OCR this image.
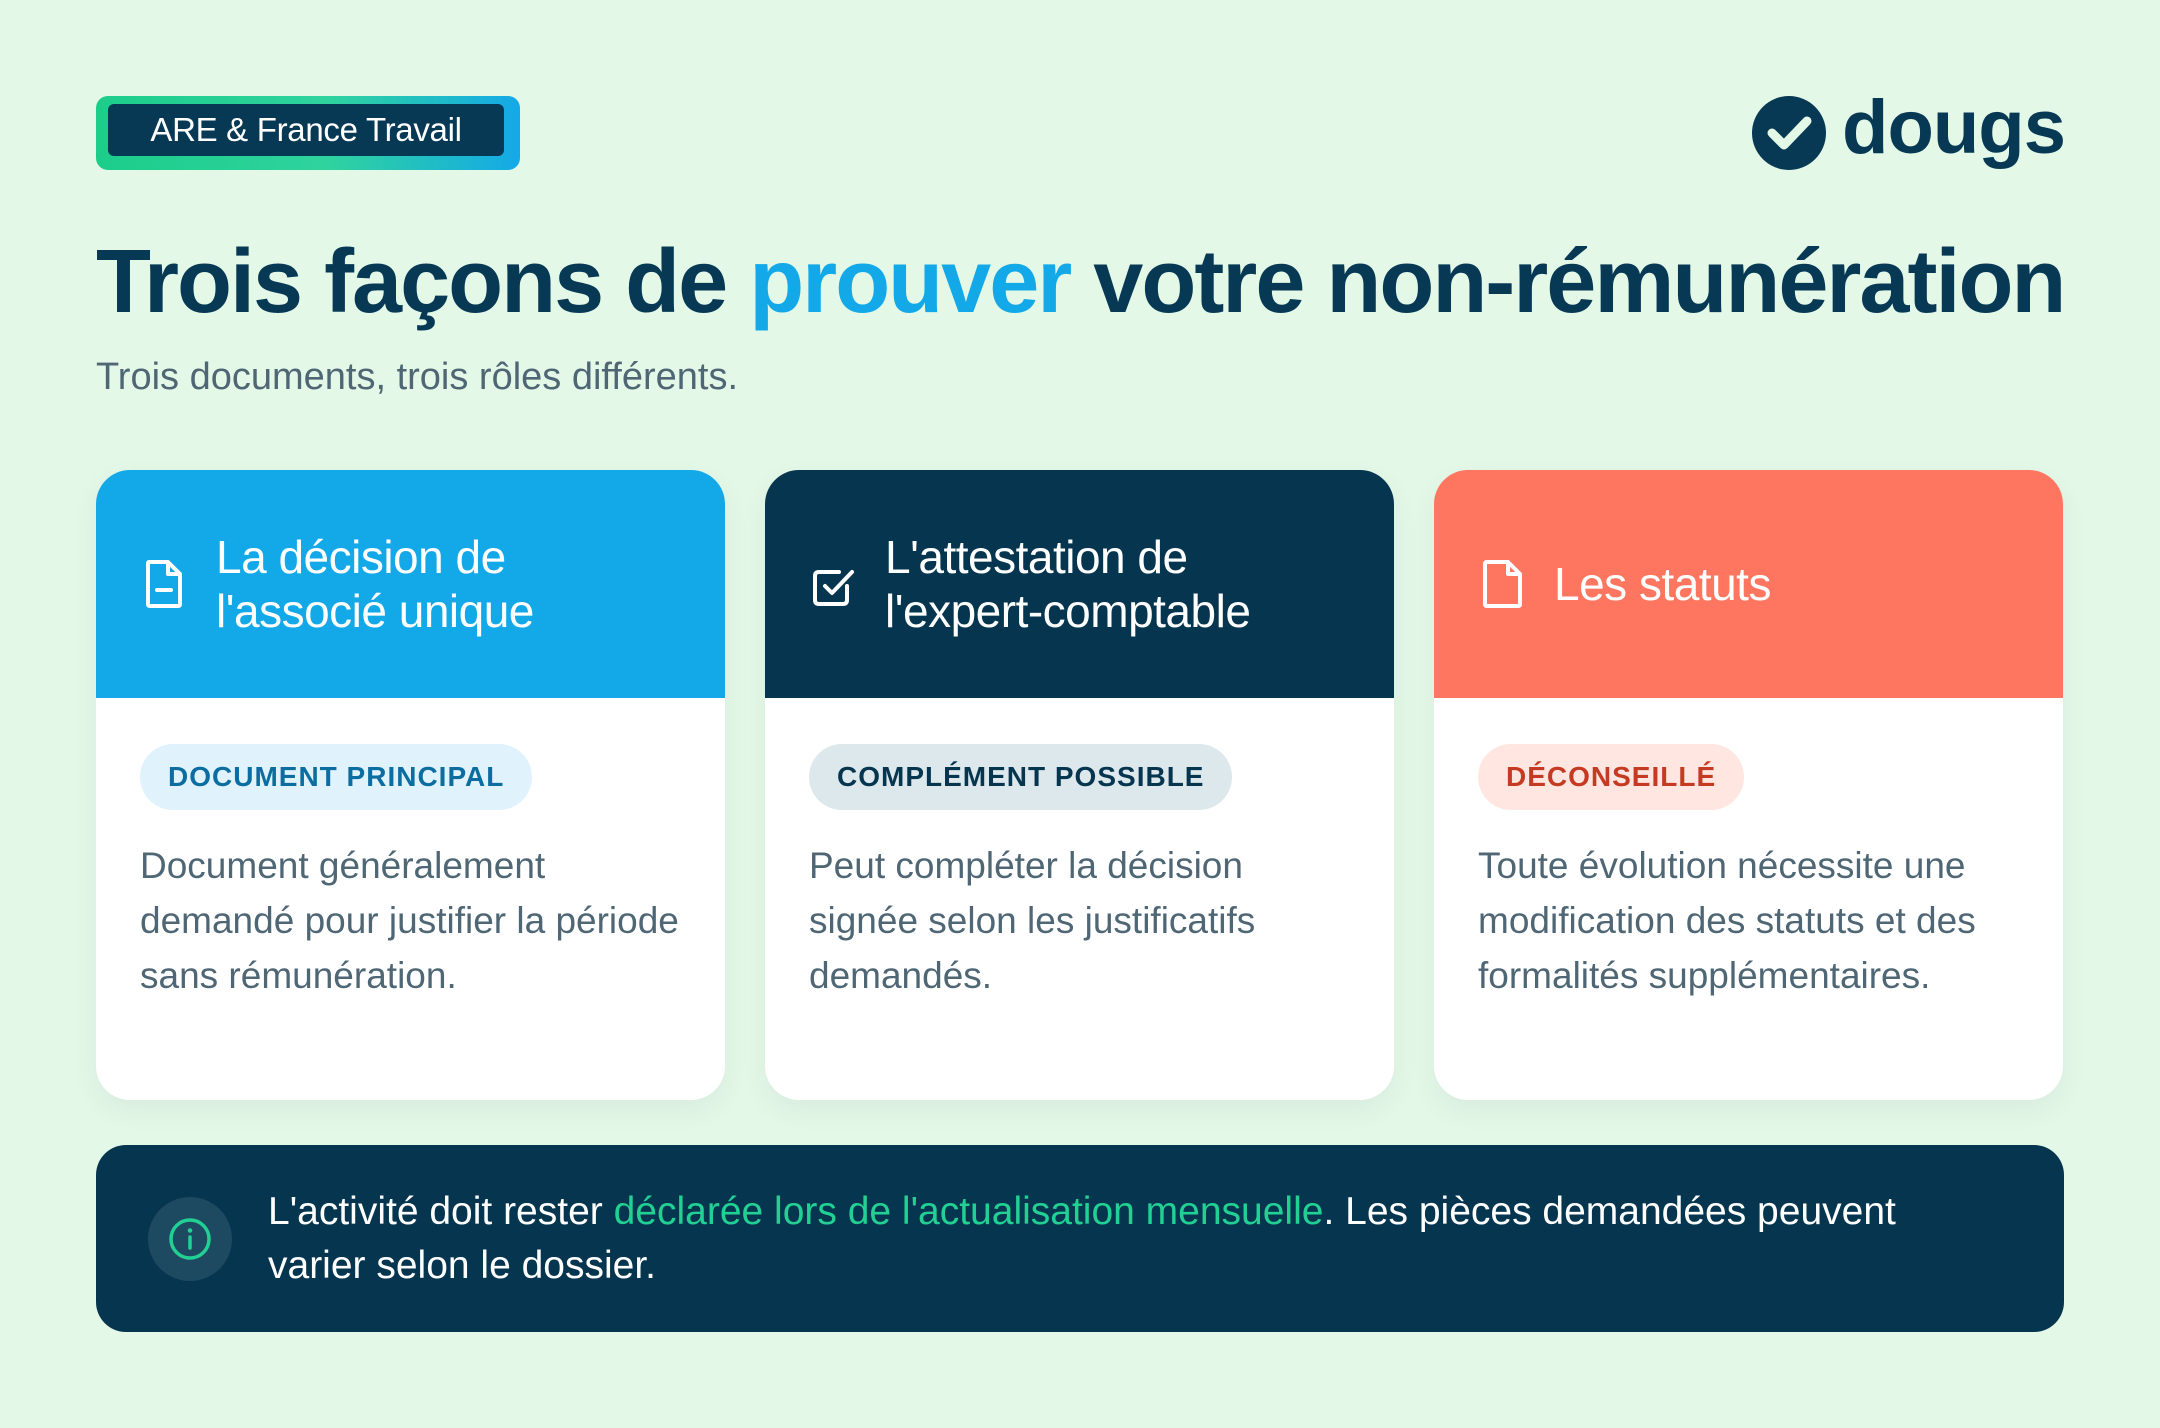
ARE & France Travail	dougs
Trois façons de prouver votre non-rémunération

Trois documents, trois rôles différents.

La décision de
l'associé unique
DOCUMENT PRINCIPAL

Document généralement demandé pour justifier la période sans rémunération.

L'attestation de
l'expert-comptable
COMPLÉMENT POSSIBLE

Peut compléter la décision signée selon les justificatifs demandés.

Les statuts
DÉCONSEILLÉ

Toute évolution nécessite une modification des statuts et des formalités supplémentaires.

L'activité doit rester déclarée lors de l'actualisation mensuelle. Les pièces demandées peuvent varier selon le dossier.
